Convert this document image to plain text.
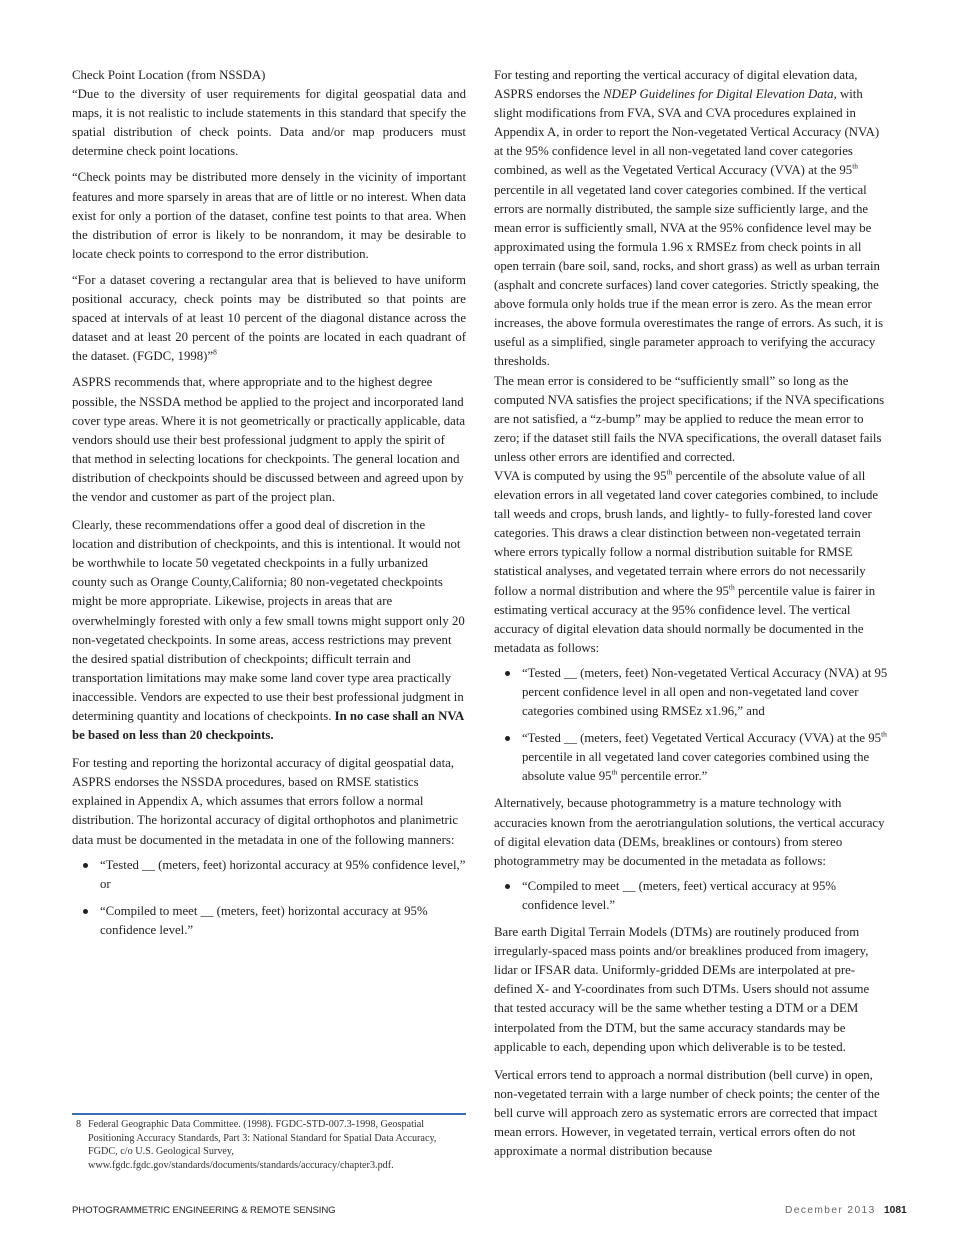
Check Point Location (from NSSDA)

“Due to the diversity of user requirements for digital geospatial data and maps, it is not realistic to include statements in this standard that specify the spatial distribution of check points. Data and/or map producers must determine check point locations.

“Check points may be distributed more densely in the vicinity of important features and more sparsely in areas that are of little or no interest. When data exist for only a portion of the dataset, confine test points to that area. When the distribution of error is likely to be nonrandom, it may be desirable to locate check points to correspond to the error distribution.

“For a dataset covering a rectangular area that is believed to have uniform positional accuracy, check points may be distributed so that points are spaced at intervals of at least 10 percent of the diagonal distance across the dataset and at least 20 percent of the points are located in each quadrant of the dataset. (FGDC, 1998)”$^8$

ASPRS recommends that, where appropriate and to the highest degree possible, the NSSDA method be applied to the project and incorporated land cover type areas. Where it is not geometrically or practically applicable, data vendors should use their best professional judgment to apply the spirit of that method in selecting locations for checkpoints. The general location and distribution of checkpoints should be discussed between and agreed upon by the vendor and customer as part of the project plan.

Clearly, these recommendations offer a good deal of discretion in the location and distribution of checkpoints, and this is intentional. It would not be worthwhile to locate 50 vegetated checkpoints in a fully urbanized county such as Orange County,California; 80 non-vegetated checkpoints might be more appropriate. Likewise, projects in areas that are overwhelmingly forested with only a few small towns might support only 20 non-vegetated checkpoints. In some areas, access restrictions may prevent the desired spatial distribution of checkpoints; difficult terrain and transportation limitations may make some land cover type area practically inaccessible. Vendors are expected to use their best professional judgment in determining quantity and locations of checkpoints. In no case shall an NVA be based on less than 20 checkpoints.

For testing and reporting the horizontal accuracy of digital geospatial data, ASPRS endorses the NSSDA procedures, based on RMSE statistics explained in Appendix A, which assumes that errors follow a normal distribution. The horizontal accuracy of digital orthophotos and planimetric data must be documented in the metadata in one of the following manners:

“Tested __ (meters, feet) horizontal accuracy at 95% confidence level,” or
“Compiled to meet __ (meters, feet) horizontal accuracy at 95% confidence level.”
8 Federal Geographic Data Committee. (1998). FGDC-STD-007.3-1998, Geospatial Positioning Accuracy Standards, Part 3: National Standard for Spatial Data Accuracy, FGDC, c/o U.S. Geological Survey, www.fgdc.fgdc.gov/standards/documents/standards/accuracy/chapter3.pdf.

For testing and reporting the vertical accuracy of digital elevation data, ASPRS endorses the NDEP Guidelines for Digital Elevation Data, with slight modifications from FVA, SVA and CVA procedures explained in Appendix A, in order to report the Non-vegetated Vertical Accuracy (NVA) at the 95% confidence level in all non-vegetated land cover categories combined, as well as the Vegetated Vertical Accuracy (VVA) at the 95th percentile in all vegetated land cover categories combined. If the vertical errors are normally distributed, the sample size sufficiently large, and the mean error is sufficiently small, NVA at the 95% confidence level may be approximated using the formula 1.96 x RMSEz from check points in all open terrain (bare soil, sand, rocks, and short grass) as well as urban terrain (asphalt and concrete surfaces) land cover categories. Strictly speaking, the above formula only holds true if the mean error is zero. As the mean error increases, the above formula overestimates the range of errors. As such, it is useful as a simplified, single parameter approach to verifying the accuracy thresholds.

The mean error is considered to be “sufficiently small” so long as the computed NVA satisfies the project specifications; if the NVA specifications are not satisfied, a “z-bump” may be applied to reduce the mean error to zero; if the dataset still fails the NVA specifications, the overall dataset fails unless other errors are identified and corrected.

VVA is computed by using the 95th percentile of the absolute value of all elevation errors in all vegetated land cover categories combined, to include tall weeds and crops, brush lands, and lightly- to fully-forested land cover categories. This draws a clear distinction between non-vegetated terrain where errors typically follow a normal distribution suitable for RMSE statistical analyses, and vegetated terrain where errors do not necessarily follow a normal distribution and where the 95th percentile value is fairer in estimating vertical accuracy at the 95% confidence level. The vertical accuracy of digital elevation data should normally be documented in the metadata as follows:

“Tested __ (meters, feet) Non-vegetated Vertical Accuracy (NVA) at 95 percent confidence level in all open and non-vegetated land cover categories combined using RMSEz x1.96,” and
“Tested __ (meters, feet) Vegetated Vertical Accuracy (VVA) at the 95th percentile in all vegetated land cover categories combined using the absolute value 95th percentile error.”

Alternatively, because photogrammetry is a mature technology with accuracies known from the aerotriangulation solutions, the vertical accuracy of digital elevation data (DEMs, breaklines or contours) from stereo photogrammetry may be documented in the metadata as follows:

“Compiled to meet __ (meters, feet) vertical accuracy at 95% confidence level.”

Bare earth Digital Terrain Models (DTMs) are routinely produced from irregularly-spaced mass points and/or breaklines produced from imagery, lidar or IFSAR data. Uniformly-gridded DEMs are interpolated at pre-defined X- and Y-coordinates from such DTMs. Users should not assume that tested accuracy will be the same whether testing a DTM or a DEM interpolated from the DTM, but the same accuracy standards may be applicable to each, depending upon which deliverable is to be tested.

Vertical errors tend to approach a normal distribution (bell curve) in open, non-vegetated terrain with a large number of check points; the center of the bell curve will approach zero as systematic errors are corrected that impact mean errors. However, in vegetated terrain, vertical errors often do not approximate a normal distribution because

PHOTOGRAMMETRIC ENGINEERING & REMOTE SENSING	December 2013 1081
